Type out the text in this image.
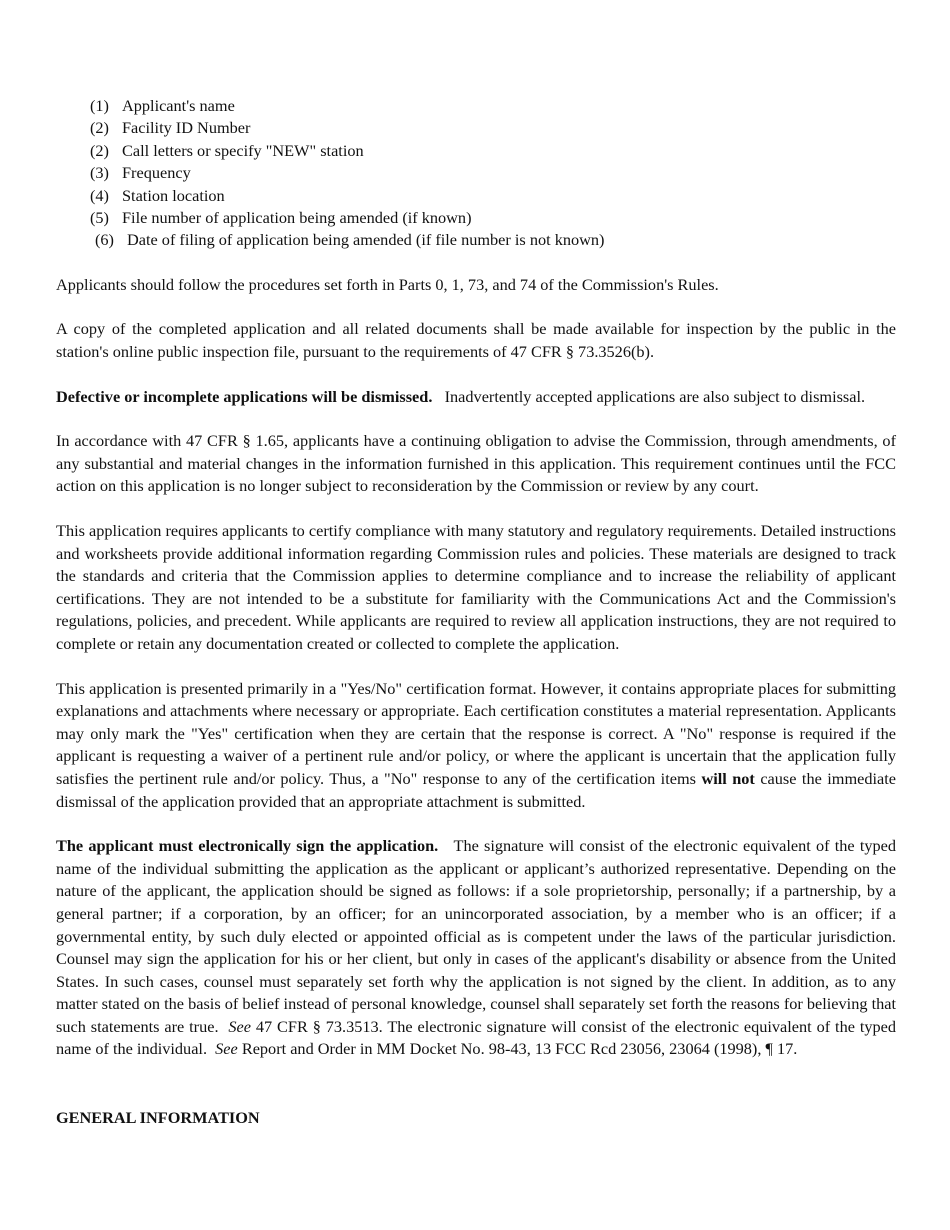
(1) Applicant's name
(2) Facility ID Number
(2) Call letters or specify "NEW" station
(3) Frequency
(4) Station location
(5) File number of application being amended (if known)
(6) Date of filing of application being amended (if file number is not known)

Applicants should follow the procedures set forth in Parts 0, 1, 73, and 74 of the Commission's Rules.

A copy of the completed application and all related documents shall be made available for inspection by the public in the station's online public inspection file, pursuant to the requirements of 47 CFR § 73.3526(b).

Defective or incomplete applications will be dismissed. Inadvertently accepted applications are also subject to dismissal.

In accordance with 47 CFR § 1.65, applicants have a continuing obligation to advise the Commission, through amendments, of any substantial and material changes in the information furnished in this application. This requirement continues until the FCC action on this application is no longer subject to reconsideration by the Commission or review by any court.

This application requires applicants to certify compliance with many statutory and regulatory requirements. Detailed instructions and worksheets provide additional information regarding Commission rules and policies. These materials are designed to track the standards and criteria that the Commission applies to determine compliance and to increase the reliability of applicant certifications. They are not intended to be a substitute for familiarity with the Communications Act and the Commission's regulations, policies, and precedent. While applicants are required to review all application instructions, they are not required to complete or retain any documentation created or collected to complete the application.

This application is presented primarily in a "Yes/No" certification format. However, it contains appropriate places for submitting explanations and attachments where necessary or appropriate. Each certification constitutes a material representation. Applicants may only mark the "Yes" certification when they are certain that the response is correct. A "No" response is required if the applicant is requesting a waiver of a pertinent rule and/or policy, or where the applicant is uncertain that the application fully satisfies the pertinent rule and/or policy. Thus, a "No" response to any of the certification items will not cause the immediate dismissal of the application provided that an appropriate attachment is submitted.

The applicant must electronically sign the application. The signature will consist of the electronic equivalent of the typed name of the individual submitting the application as the applicant or applicant’s authorized representative. Depending on the nature of the applicant, the application should be signed as follows: if a sole proprietorship, personally; if a partnership, by a general partner; if a corporation, by an officer; for an unincorporated association, by a member who is an officer; if a governmental entity, by such duly elected or appointed official as is competent under the laws of the particular jurisdiction. Counsel may sign the application for his or her client, but only in cases of the applicant's disability or absence from the United States. In such cases, counsel must separately set forth why the application is not signed by the client. In addition, as to any matter stated on the basis of belief instead of personal knowledge, counsel shall separately set forth the reasons for believing that such statements are true. See 47 CFR § 73.3513. The electronic signature will consist of the electronic equivalent of the typed name of the individual. See Report and Order in MM Docket No. 98-43, 13 FCC Rcd 23056, 23064 (1998), ¶ 17.

GENERAL INFORMATION
